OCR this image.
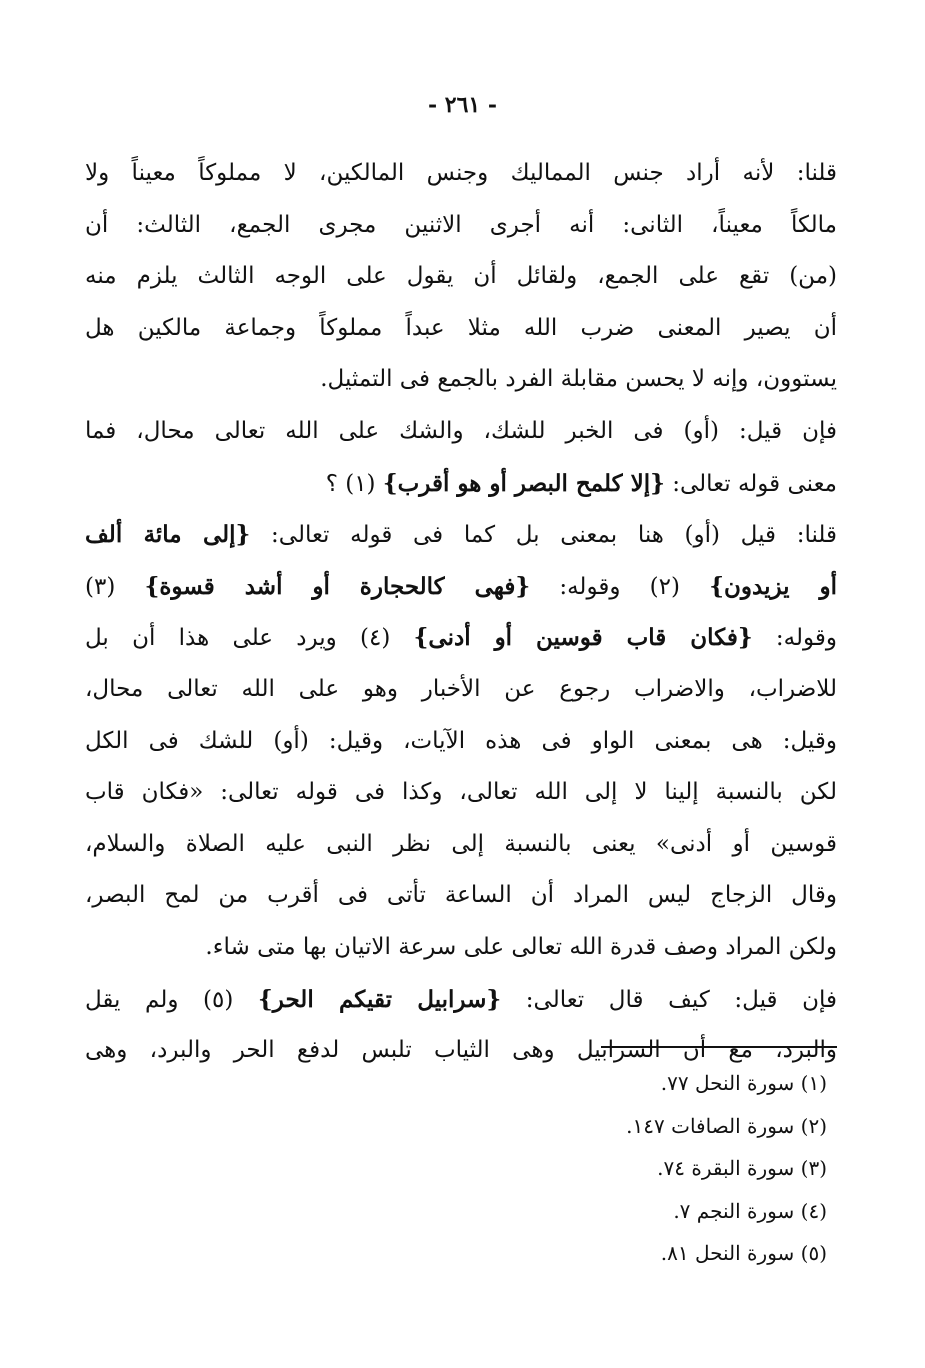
- ٢٦١ -
قلنا: لأنه أراد جنس المماليك وجنس المالكين، لا مملوكاً معيناً ولا
مالكاً معيناً، الثانى: أنه أجرى الاثنين مجرى الجمع، الثالث: أن
(من) تقع على الجمع، ولقائل أن يقول على الوجه الثالث يلزم منه
أن يصير المعنى ضرب الله مثلا عبداً مملوكاً وجماعة مالكين هل
يستوون، وإنه لا يحسن مقابلة الفرد بالجمع فى التمثيل.
فإن قيل: (أو) فى الخبر للشك، والشك على الله تعالى محال، فما
معنى قوله تعالى: {إلا كلمح البصر أو هو أقرب} (١) ؟
قلنا: قيل (أو) هنا بمعنى بل كما فى قوله تعالى: {إلى مائة ألف
أو يزيدون} (٢) وقوله: {فهى كالحجارة أو أشد قسوة} (٣)
وقوله: {فكان قاب قوسين أو أدنى} (٤) ويرد على هذا أن بل
للاضراب، والاضراب رجوع عن الأخبار وهو على الله تعالى محال،
وقيل: هى بمعنى الواو فى هذه الآيات، وقيل: (أو) للشك فى الكل
لكن بالنسبة إلينا لا إلى الله تعالى، وكذا فى قوله تعالى: «فكان قاب
قوسين أو أدنى» يعنى بالنسبة إلى نظر النبى عليه الصلاة والسلام،
وقال الزجاج ليس المراد أن الساعة تأتى فى أقرب من لمح البصر،
ولكن المراد وصف قدرة الله تعالى على سرعة الاتيان بها متى شاء.
فإن قيل: كيف قال تعالى: {سرابيل تقيكم الحر} (٥) ولم يقل
والبرد، مع أن السرابيل وهى الثياب تلبس لدفع الحر والبرد، وهى
(١) سورة النحل ٧٧.
(٢) سورة الصافات ١٤٧.
(٣) سورة البقرة ٧٤.
(٤) سورة النجم ٧.
(٥) سورة النحل ٨١.
